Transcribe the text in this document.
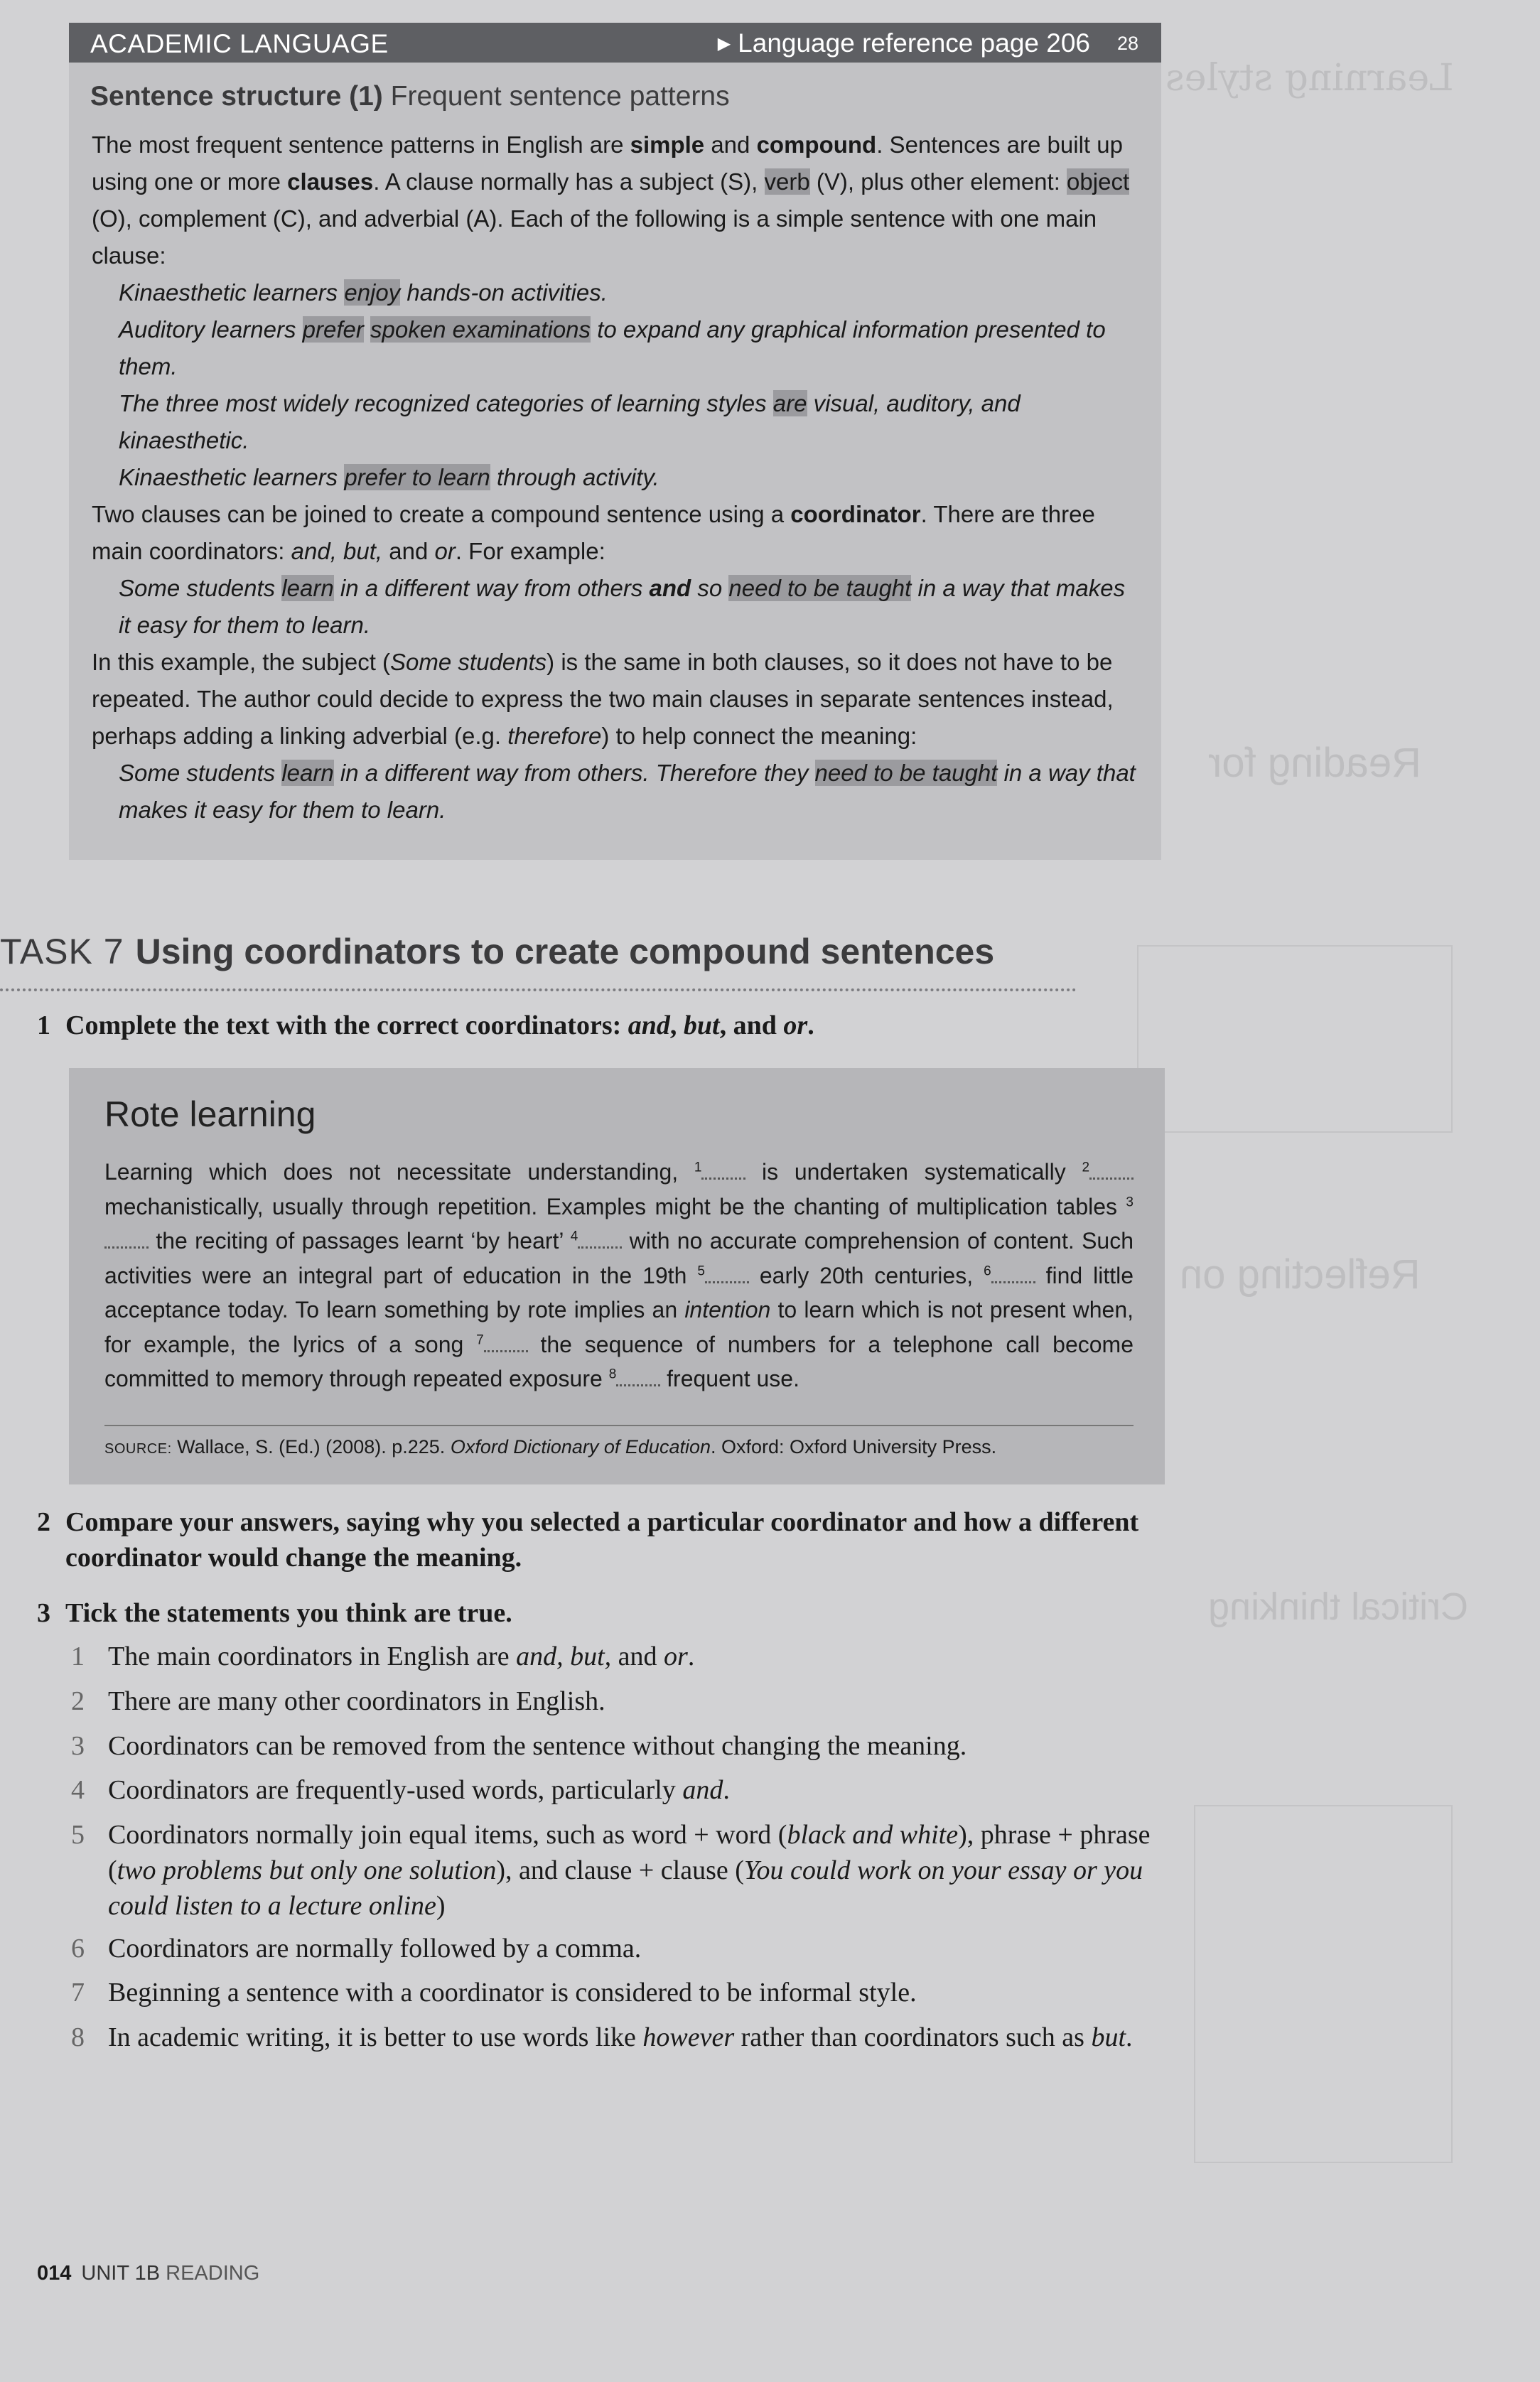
Learning styles
Reading for
Reflecting on
Critical thinking
ACADEMIC LANGUAGE	▶ Language reference page 206 28
Sentence structure (1) Frequent sentence patterns
The most frequent sentence patterns in English are simple and compound. Sentences are built up using one or more clauses. A clause normally has a subject (S), verb (V), plus other element: object (O), complement (C), and adverbial (A). Each of the following is a simple sentence with one main clause:
Kinaesthetic learners enjoy hands-on activities.
Auditory learners prefer spoken examinations to expand any graphical information presented to them.
The three most widely recognized categories of learning styles are visual, auditory, and kinaesthetic.
Kinaesthetic learners prefer to learn through activity.
Two clauses can be joined to create a compound sentence using a coordinator. There are three main coordinators: and, but, and or. For example:
Some students learn in a different way from others and so need to be taught in a way that makes it easy for them to learn.
In this example, the subject (Some students) is the same in both clauses, so it does not have to be repeated. The author could decide to express the two main clauses in separate sentences instead, perhaps adding a linking adverbial (e.g. therefore) to help connect the meaning:
Some students learn in a different way from others. Therefore they need to be taught in a way that makes it easy for them to learn.
TASK 7 Using coordinators to create compound sentences
1 Complete the text with the correct coordinators: and, but, and or.
Rote learning
Learning which does not necessitate understanding, $^1$ is undertaken systematically $^2$ mechanistically, usually through repetition. Examples might be the chanting of multiplication tables $^3$ the reciting of passages learnt ‘by heart’ $^4$ with no accurate comprehension of content. Such activities were an integral part of education in the 19th $^5$ early 20th centuries, $^6$ find little acceptance today. To learn something by rote implies an intention to learn which is not present when, for example, the lyrics of a song $^7$ the sequence of numbers for a telephone call become committed to memory through repeated exposure $^8$ frequent use.
SOURCE: Wallace, S. (Ed.) (2008). p.225. Oxford Dictionary of Education. Oxford: Oxford University Press.
2 Compare your answers, saying why you selected a particular coordinator and how a different coordinator would change the meaning.
3 Tick the statements you think are true.
1 The main coordinators in English are and, but, and or.
2 There are many other coordinators in English.
3 Coordinators can be removed from the sentence without changing the meaning.
4 Coordinators are frequently-used words, particularly and.
5 Coordinators normally join equal items, such as word + word (black and white), phrase + phrase (two problems but only one solution), and clause + clause (You could work on your essay or you could listen to a lecture online)
6 Coordinators are normally followed by a comma.
7 Beginning a sentence with a coordinator is considered to be informal style.
8 In academic writing, it is better to use words like however rather than coordinators such as but.
014 UNIT 1B READING
